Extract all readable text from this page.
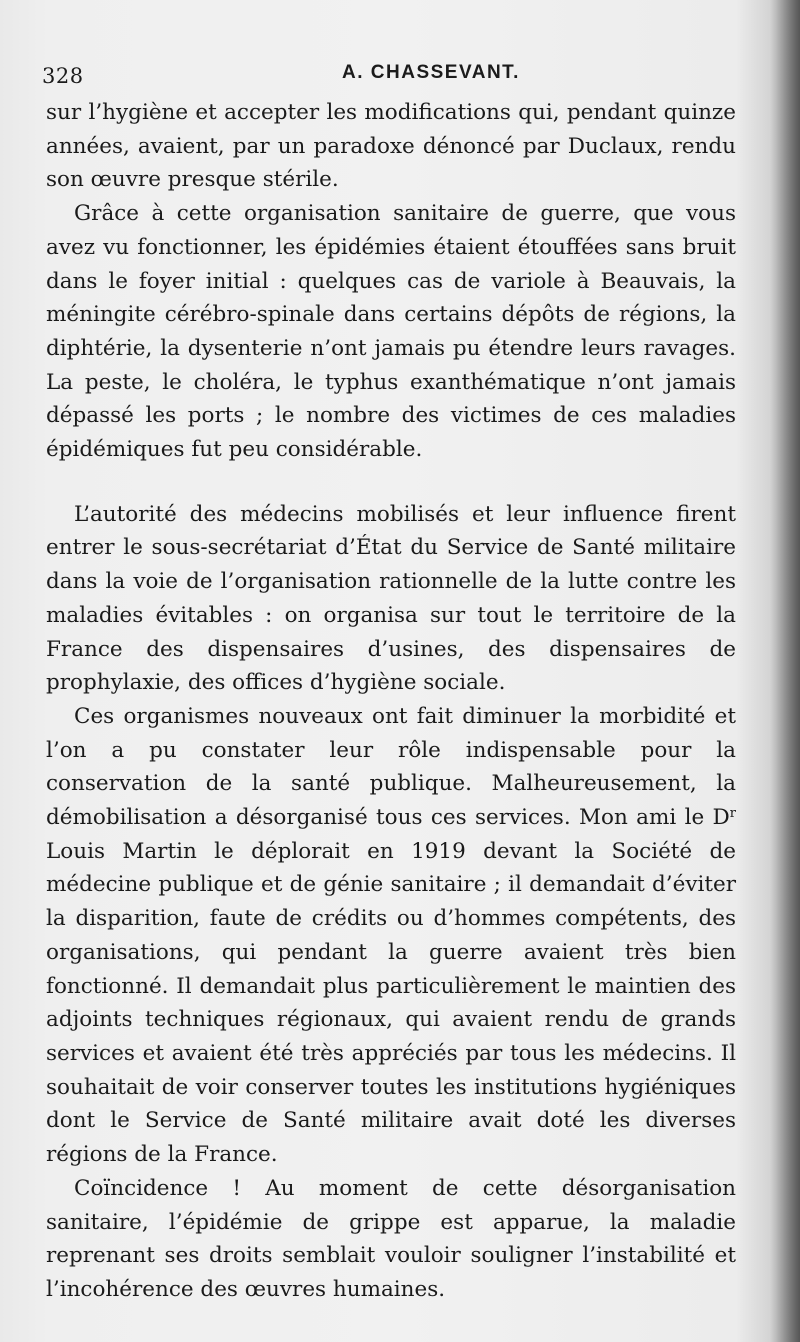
328	A. CHASSEVANT.

sur l’hygiène et accepter les modifications qui, pendant quinze années, avaient, par un paradoxe dénoncé par Duclaux, rendu son œuvre presque stérile.

Grâce à cette organisation sanitaire de guerre, que vous avez vu fonctionner, les épidémies étaient étouffées sans bruit dans le foyer initial : quelques cas de variole à Beauvais, la méningite cérébro-spinale dans certains dépôts de régions, la diphtérie, la dysenterie n’ont jamais pu étendre leurs ravages. La peste, le choléra, le typhus exanthématique n’ont jamais dépassé les ports ; le nombre des victimes de ces maladies épidémiques fut peu considérable.

L’autorité des médecins mobilisés et leur influence firent entrer le sous-secrétariat d’État du Service de Santé militaire dans la voie de l’organisation rationnelle de la lutte contre les maladies évitables : on organisa sur tout le territoire de la France des dispensaires d’usines, des dispensaires de prophylaxie, des offices d’hygiène sociale.

Ces organismes nouveaux ont fait diminuer la morbidité et l’on a pu constater leur rôle indispensable pour la conservation de la santé publique. Malheureusement, la démobilisation a désorganisé tous ces services. Mon ami le $D^r$ Louis Martin le déplorait en 1919 devant la Société de médecine publique et de génie sanitaire ; il demandait d’éviter la disparition, faute de crédits ou d’hommes compétents, des organisations, qui pendant la guerre avaient très bien fonctionné. Il demandait plus particulièrement le maintien des adjoints techniques régionaux, qui avaient rendu de grands services et avaient été très appréciés par tous les médecins. Il souhaitait de voir conserver toutes les institutions hygiéniques dont le Service de Santé militaire avait doté les diverses régions de la France.

Coïncidence ! Au moment de cette désorganisation sanitaire, l’épidémie de grippe est apparue, la maladie reprenant ses droits semblait vouloir souligner l’instabilité et l’incohérence des œuvres humaines.
